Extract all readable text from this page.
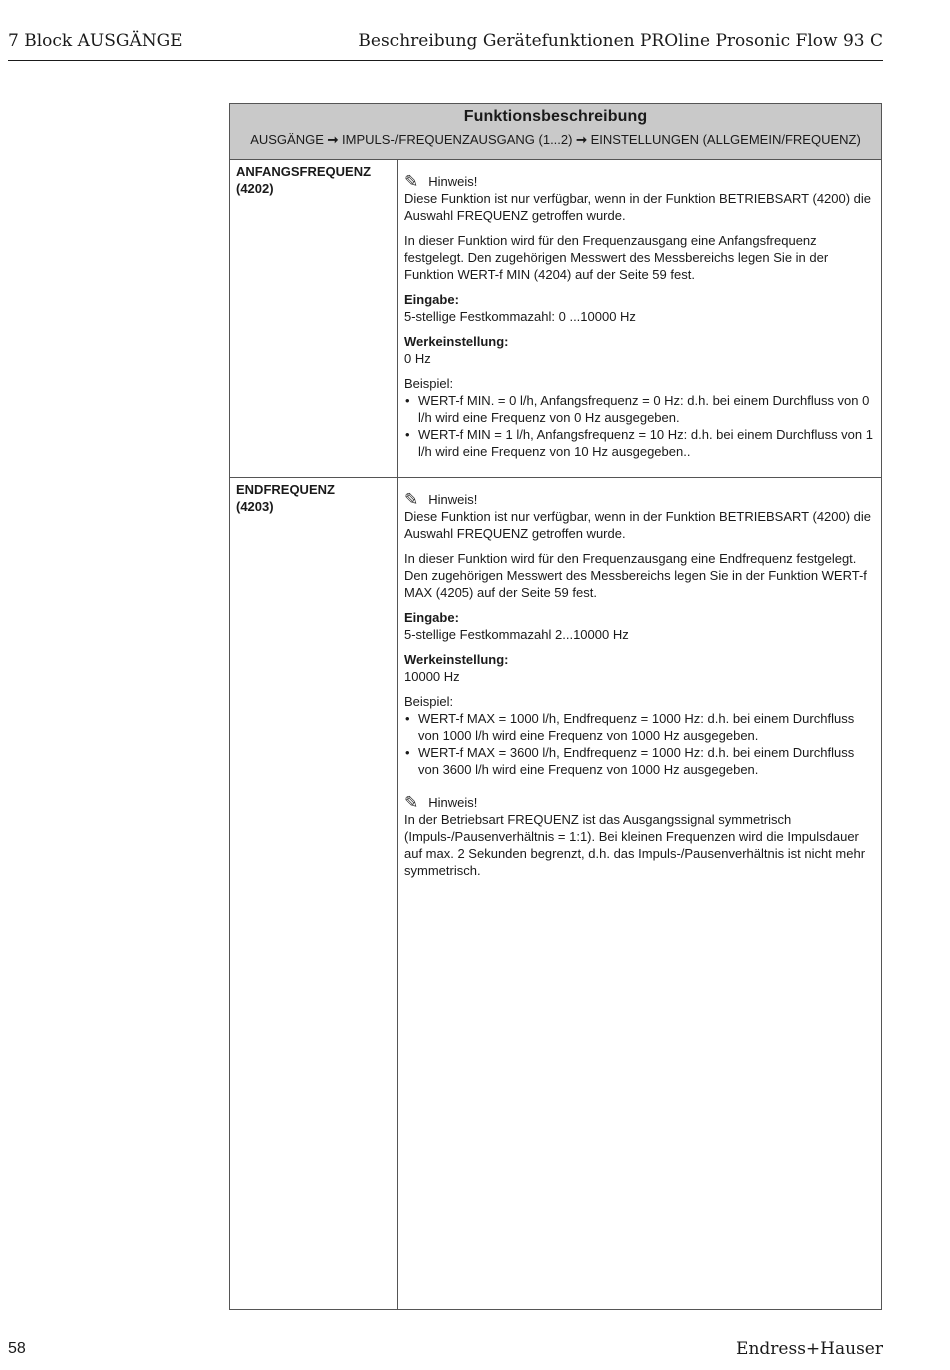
7 Block AUSGÄNGE	Beschreibung Gerätefunktionen PROline Prosonic Flow 93 C
Funktionsbeschreibung
AUSGÄNGE ➞ IMPULS-/FREQUENZAUSGANG (1...2) ➞ EINSTELLUNGEN (ALLGEMEIN/FREQUENZ)
ANFANGSFREQUENZ
(4202)	✎ Hinweis!

Diese Funktion ist nur verfügbar, wenn in der Funktion BETRIEBSART (4200) die Auswahl FREQUENZ getroffen wurde.

In dieser Funktion wird für den Frequenzausgang eine Anfangsfrequenz festgelegt. Den zugehörigen Messwert des Messbereichs legen Sie in der Funktion WERT-f MIN (4204) auf der Seite 59 fest.

Eingabe:

5-stellige Festkommazahl: 0 ...10000 Hz

Werkeinstellung:

0 Hz

Beispiel:
• WERT-f MIN. = 0 l/h, Anfangsfrequenz = 0 Hz: d.h. bei einem Durchfluss von 0 l/h wird eine Frequenz von 0 Hz ausgegeben.
• WERT-f MIN = 1 l/h, Anfangsfrequenz = 10 Hz: d.h. bei einem Durchfluss von 1 l/h wird eine Frequenz von 10 Hz ausgegeben..
ENDFREQUENZ
(4203)	✎ Hinweis!

Diese Funktion ist nur verfügbar, wenn in der Funktion BETRIEBSART (4200) die Auswahl FREQUENZ getroffen wurde.

In dieser Funktion wird für den Frequenzausgang eine Endfrequenz festgelegt. Den zugehörigen Messwert des Messbereichs legen Sie in der Funktion WERT-f MAX (4205) auf der Seite 59 fest.

Eingabe:

5-stellige Festkommazahl 2...10000 Hz

Werkeinstellung:

10000 Hz

Beispiel:
• WERT-f MAX = 1000 l/h, Endfrequenz = 1000 Hz: d.h. bei einem Durchfluss von 1000 l/h wird eine Frequenz von 1000 Hz ausgegeben.
• WERT-f MAX = 3600 l/h, Endfrequenz = 1000 Hz: d.h. bei einem Durchfluss von 3600 l/h wird eine Frequenz von 1000 Hz ausgegeben.
✎ Hinweis!

In der Betriebsart FREQUENZ ist das Ausgangssignal symmetrisch (Impuls-/Pausenverhältnis = 1:1). Bei kleinen Frequenzen wird die Impulsdauer auf max. 2 Sekunden begrenzt, d.h. das Impuls-/Pausenverhältnis ist nicht mehr symmetrisch.

58	Endress+Hauser
